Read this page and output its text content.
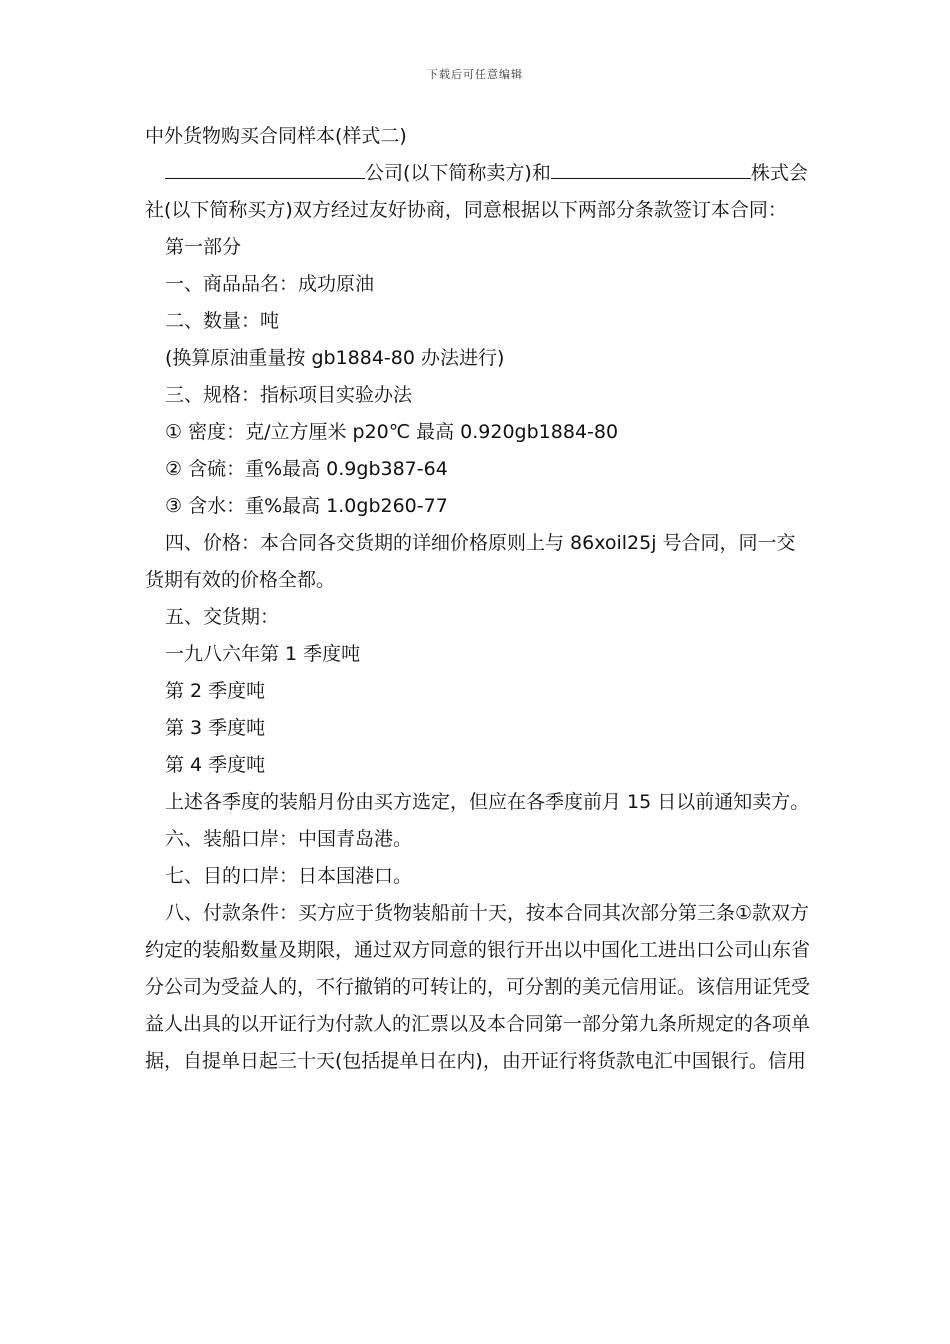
下载后可任意编辑

中外货物购买合同样本(样式二)

公司(以下简称卖方)和	株式会社(以下简称买方)双方经过友好协商，同意根据以下两部分条款签订本合同：

第一部分

一、商品品名：成功原油

二、数量：吨

(换算原油重量按 gb1884-80 办法进行)

三、规格：指标项目实验办法

① 密度：克/立方厘米 p20℃ 最高 0.920gb1884-80

② 含硫：重%最高 0.9gb387-64

③ 含水：重%最高 1.0gb260-77

四、价格：本合同各交货期的详细价格原则上与 86xoil25j 号合同，同一交货期有效的价格全都。

五、交货期：

一九八六年第 1 季度吨

第 2 季度吨

第 3 季度吨

第 4 季度吨

上述各季度的装船月份由买方选定，但应在各季度前月 15 日以前通知卖方。

六、装船口岸：中国青岛港。

七、目的口岸：日本国港口。

八、付款条件：买方应于货物装船前十天，按本合同其次部分第三条①款双方约定的装船数量及期限，通过双方同意的银行开出以中国化工进出口公司山东省分公司为受益人的，不行撤销的可转让的，可分割的美元信用证。该信用证凭受益人出具的以开证行为付款人的汇票以及本合同第一部分第九条所规定的各项单据，自提单日起三十天(包括提单日在内)，由开证行将货款电汇中国银行。信用
